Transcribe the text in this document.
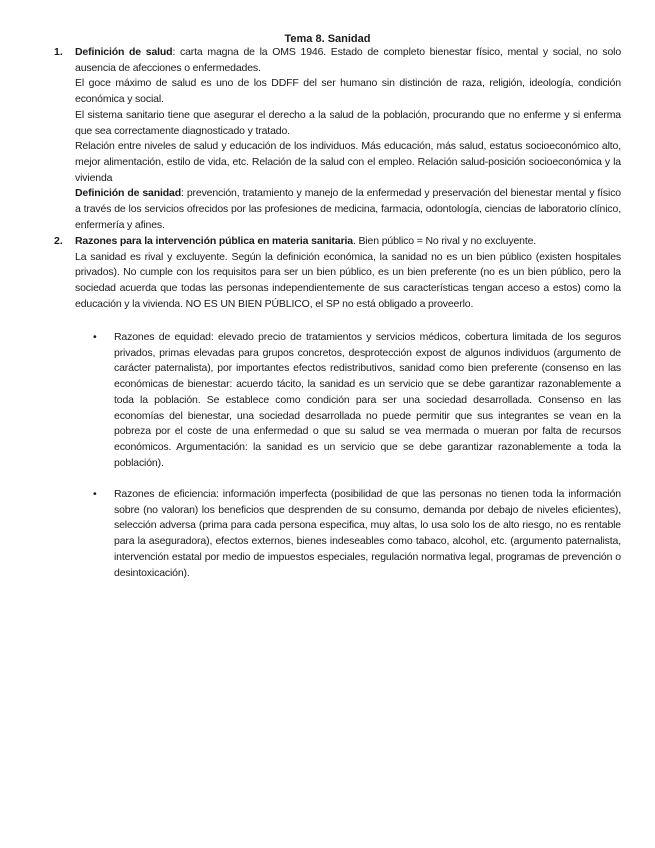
Tema 8. Sanidad
1. Definición de salud: carta magna de la OMS 1946. Estado de completo bienestar físico, mental y social, no solo ausencia de afecciones o enfermedades.

El goce máximo de salud es uno de los DDFF del ser humano sin distinción de raza, religión, ideología, condición económica y social.

El sistema sanitario tiene que asegurar el derecho a la salud de la población, procurando que no enferme y si enferma que sea correctamente diagnosticado y tratado.

Relación entre niveles de salud y educación de los individuos. Más educación, más salud, estatus socioeconómico alto, mejor alimentación, estilo de vida, etc. Relación de la salud con el empleo. Relación salud-posición socioeconómica y la vivienda

Definición de sanidad: prevención, tratamiento y manejo de la enfermedad y preservación del bienestar mental y físico a través de los servicios ofrecidos por las profesiones de medicina, farmacia, odontología, ciencias de laboratorio clínico, enfermería y afines.

2. Razones para la intervención pública en materia sanitaria. Bien público = No rival y no excluyente.

La sanidad es rival y excluyente. Según la definición económica, la sanidad no es un bien público (existen hospitales privados). No cumple con los requisitos para ser un bien público, es un bien preferente (no es un bien público, pero la sociedad acuerda que todas las personas independientemente de sus características tengan acceso a estos) como la educación y la vivienda. NO ES UN BIEN PÚBLICO, el SP no está obligado a proveerlo.

• Razones de equidad: elevado precio de tratamientos y servicios médicos, cobertura limitada de los seguros privados, primas elevadas para grupos concretos, desprotección expost de algunos individuos (argumento de carácter paternalista), por importantes efectos redistributivos, sanidad como bien preferente (consenso en las económicas de bienestar: acuerdo tácito, la sanidad es un servicio que se debe garantizar razonablemente a toda la población. Se establece como condición para ser una sociedad desarrollada. Consenso en las economías del bienestar, una sociedad desarrollada no puede permitir que sus integrantes se vean en la pobreza por el coste de una enfermedad o que su salud se vea mermada o mueran por falta de recursos económicos. Argumentación: la sanidad es un servicio que se debe garantizar razonablemente a toda la población).
• Razones de eficiencia: información imperfecta (posibilidad de que las personas no tienen toda la información sobre (no valoran) los beneficios que desprenden de su consumo, demanda por debajo de niveles eficientes), selección adversa (prima para cada persona especifica, muy altas, lo usa solo los de alto riesgo, no es rentable para la aseguradora), efectos externos, bienes indeseables como tabaco, alcohol, etc. (argumento paternalista, intervención estatal por medio de impuestos especiales, regulación normativa legal, programas de prevención o desintoxicación).
